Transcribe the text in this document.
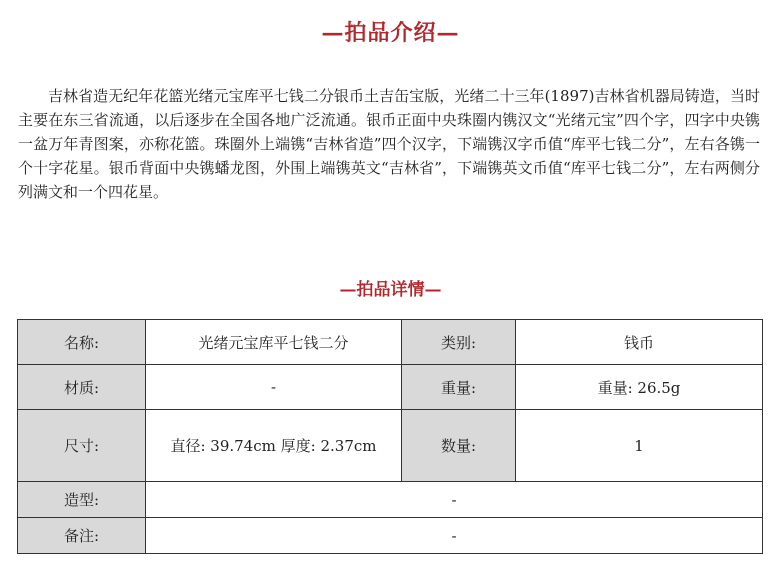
—拍品介绍—

吉林省造无纪年花篮光绪元宝库平七钱二分银币土吉缶宝版，光绪二十三年(1897)吉林省机器局铸造，当时主要在东三省流通，以后逐步在全国各地广泛流通。银币正面中央珠圈内镌汉文“光绪元宝”四个字，四字中央镌一盆万年青图案，亦称花篮。珠圈外上端镌“吉林省造”四个汉字，下端镌汉字币值“库平七钱二分”，左右各镌一个十字花星。银币背面中央镌蟠龙图，外围上端镌英文“吉林省”，下端镌英文币值“库平七钱二分”，左右两侧分列满文和一个四花星。

—拍品详情—
名称:	光绪元宝库平七钱二分	类别:	钱币
材质:	-	重量:	重量: 26.5g
尺寸:	直径: 39.74cm 厚度: 2.37cm	数量:	1
造型:	-		
备注:	-		
